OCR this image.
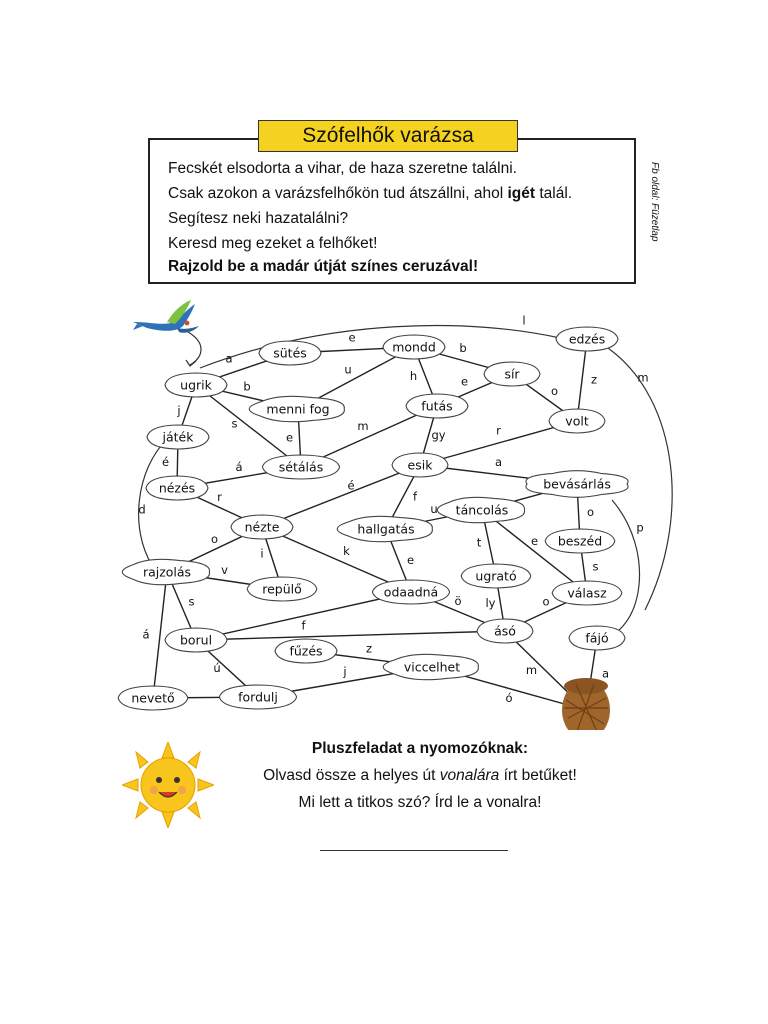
Szófelhők varázsa
Fecskét elsodorta a vihar, de haza szeretne találni.
Csak azokon a varázsfelhőkön tud átszállni, ahol igét talál.
Segítesz neki hazatalálni?
Keresd meg ezeket a felhőket!
Rajzold be a madár útját színes ceruzával!
Fb oldal: Füzetlap
a
e
b
u	h
b
s
j
e
o
z
e
m
gy	r
é	á
é
a
f
r
o
u
t	e
o
i	k
e	s
v
s
á
f
ö ly	o
ú
z
j
ó
m	a
sütés	mondd
edzés
ugrik
menni fog
sír
futás
volt
játék
sétálás	esik
nézés	bevásárlás
nézte	hallgatás
táncolás
beszéd
rajzolás
repülő	odaadná
ugrató
válasz
borul
fűzés
ásó	fájó
viccelhet
nevető	fordulj
l
m
p
d
Pluszfeladat a nyomozóknak:
Olvasd össze a helyes út vonalára írt betűket!
Mi lett a titkos szó? Írd le a vonalra!
